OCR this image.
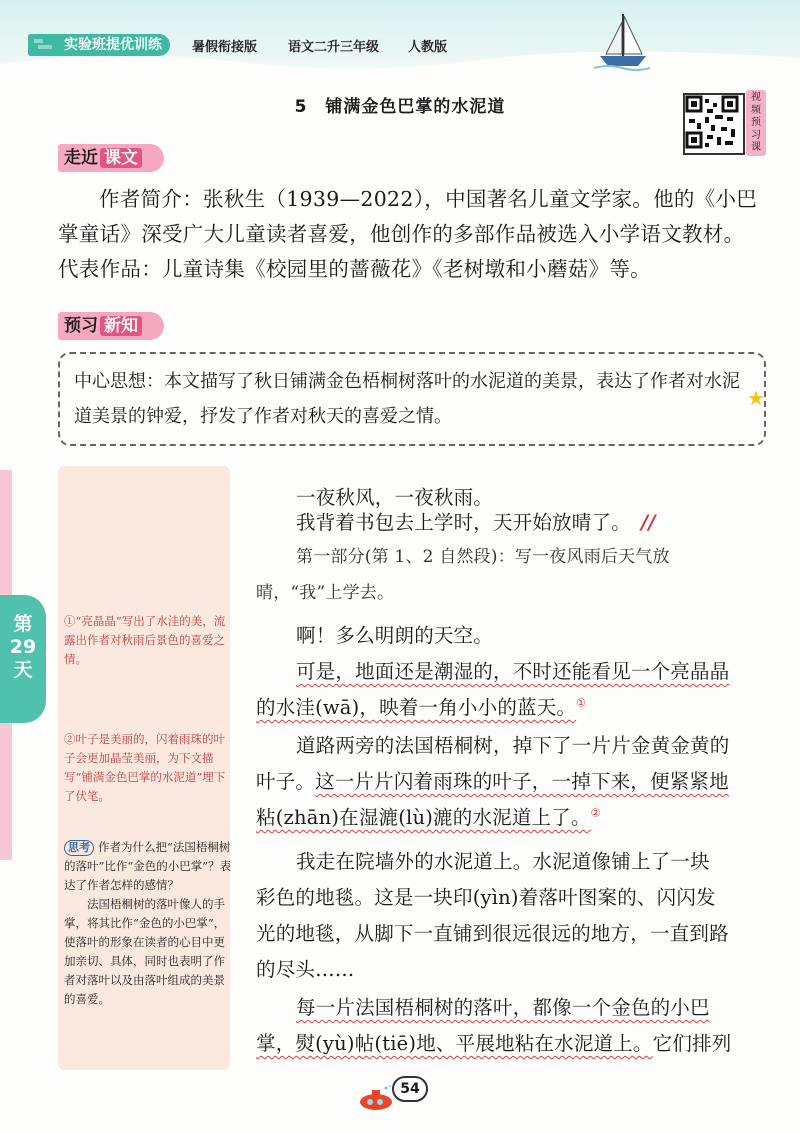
实验班提优训练	暑假衔接版 语文二升三年级 人教版
5 铺满金色巴掌的水泥道	视
频
预
习
课
走近 课文
作者简介：张秋生（1939—2022），中国著名儿童文学家。他的《小巴掌童话》深受广大儿童读者喜爱，他创作的多部作品被选入小学语文教材。代表作品：儿童诗集《校园里的蔷薇花》《老树墩和小蘑菇》等。
预习 新知
中心思想：本文描写了秋日铺满金色梧桐树落叶的水泥道的美景，表达了作者对水泥道美景的钟爱，抒发了作者对秋天的喜爱之情。
★
第
29
天
①“亮晶晶”写出了水洼的美，流露出作者对秋雨后景色的喜爱之情。
②叶子是美丽的，闪着雨珠的叶子会更加晶莹美丽，为下文描写“铺满金色巴掌的水泥道”埋下了伏笔。
思考 作者为什么把“法国梧桐树的落叶”比作“金色的小巴掌”？表达了作者怎样的感情？
法国梧桐树的落叶像人的手掌，将其比作“金色的小巴掌”，使落叶的形象在读者的心目中更加亲切、具体，同时也表明了作者对落叶以及由落叶组成的美景的喜爱。
一夜秋风，一夜秋雨。
我背着书包去上学时，天开始放晴了。 //
第一部分(第 1、2 自然段)：写一夜风雨后天气放
晴，“我”上学去。
啊！多么明朗的天空。
可是，地面还是潮湿的，不时还能看见一个亮晶晶
的水洼(wā)，映着一角小小的蓝天。①
道路两旁的法国梧桐树，掉下了一片片金黄金黄的
叶子。这一片片闪着雨珠的叶子，一掉下来，便紧紧地
粘(zhān)在湿漉(lù)漉的水泥道上了。②
我走在院墙外的水泥道上。水泥道像铺上了一块
彩色的地毯。这是一块印(yìn)着落叶图案的、闪闪发
光的地毯，从脚下一直铺到很远很远的地方，一直到路
的尽头……
每一片法国梧桐树的落叶，都像一个金色的小巴
掌，熨(yù)帖(tiē)地、平展地粘在水泥道上。它们排列
54
